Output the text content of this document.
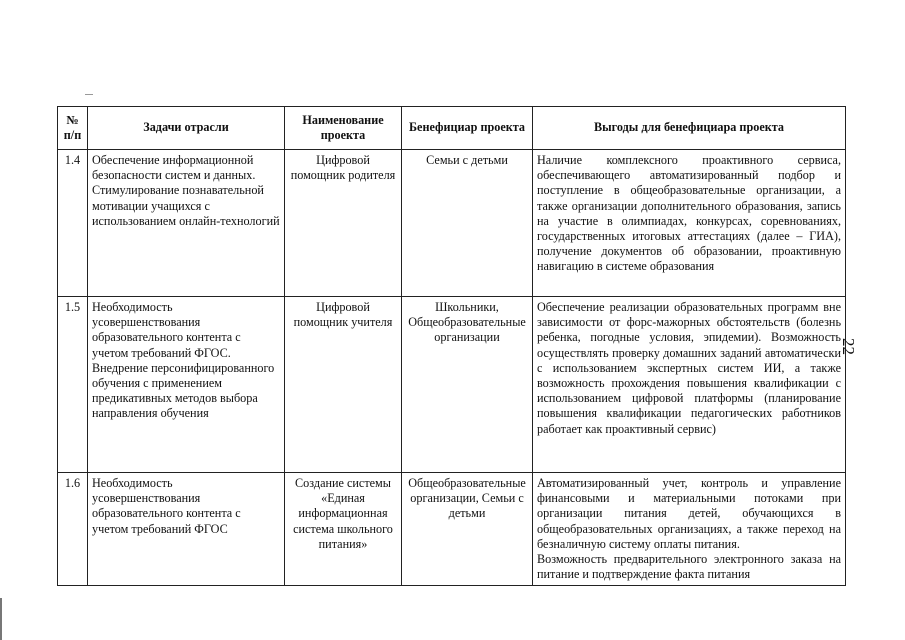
№ п/п	Задачи отрасли	Наименование проекта	Бенефициар проекта	Выгоды для бенефициара проекта
1.4	Обеспечение информационной безопасности систем и данных. Стимулирование познавательной мотивации учащихся с использованием онлайн-технологий	Цифровой помощник родителя	Семьи с детьми	Наличие комплексного проактивного сервиса, обеспечивающего автоматизированный подбор и поступление в общеобразовательные организации, а также организации дополнительного образования, запись на участие в олимпиадах, конкурсах, соревнованиях, государственных итоговых аттестациях (далее – ГИА), получение документов об образовании, проактивную навигацию в системе образования

1.5	Необходимость усовершенствования образовательного контента с учетом требований ФГОС. Внедрение персонифицированного обучения с применением предикативных методов выбора направления обучения	Цифровой помощник учителя	Школьники, Общеобразовательные организации	Обеспечение реализации образовательных программ вне зависимости от форс-мажорных обстоятельств (болезнь ребенка, погодные условия, эпидемии). Возможность осуществлять проверку домашних заданий автоматически с использованием экспертных систем ИИ, а также возможность прохождения повышения квалификации с использованием цифровой платформы (планирование повышения квалификации педагогических работников работает как проактивный сервис)

1.6	Необходимость усовершенствования образовательного контента с учетом требований ФГОС	Создание системы «Единая информационная система школьного питания»	Общеобразовательные организации, Семьи с детьми	Автоматизированный учет, контроль и управление финансовыми и материальными потоками при организации питания детей, обучающихся в общеобразовательных организациях, а также переход на безналичную систему оплаты питания.
Возможность предварительного электронного заказа на питание и подтверждение факта питания
22
